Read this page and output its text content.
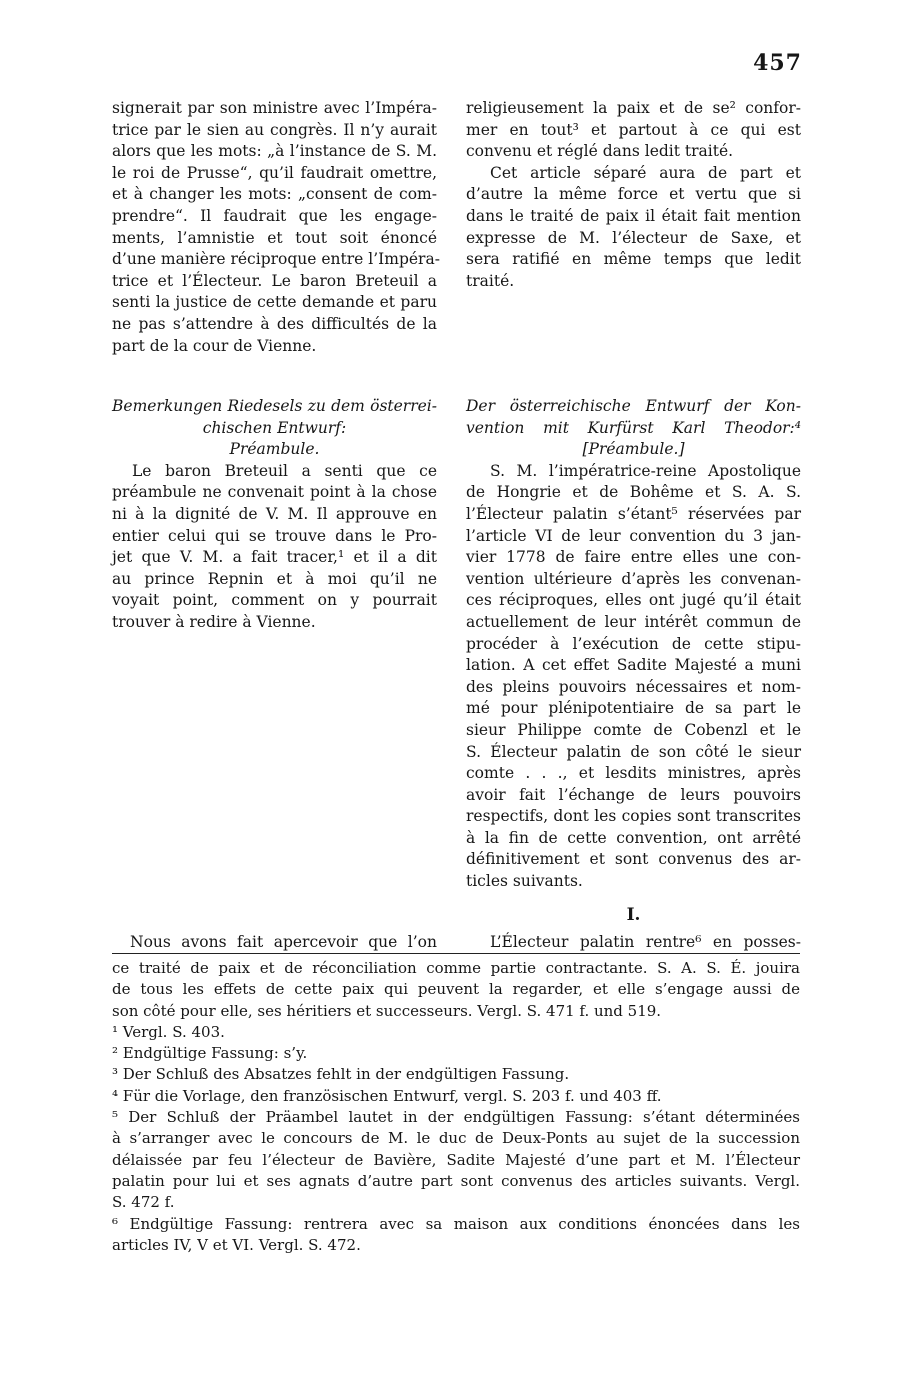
457
signerait par son ministre avec l’Impéra-
trice par le sien au congrès. Il n’y aurait
alors que les mots: „à l’instance de S. M.
le roi de Prusse“, qu’il faudrait omettre,
et à changer les mots: „consent de com-
prendre“. Il faudrait que les engage-
ments, l’amnistie et tout soit énoncé
d’une manière réciproque entre l’Impéra-
trice et l’Électeur. Le baron Breteuil a
senti la justice de cette demande et paru
ne pas s’attendre à des difficultés de la
part de la cour de Vienne.
religieusement la paix et de se² confor-
mer en tout³ et partout à ce qui est
convenu et réglé dans ledit traité.
Cet article séparé aura de part et
d’autre la même force et vertu que si
dans le traité de paix il était fait mention
expresse de M. l’électeur de Saxe, et
sera ratifié en même temps que ledit
traité.
Bemerkungen Riedesels zu dem österrei-
chischen Entwurf:
Préambule.
Le baron Breteuil a senti que ce
préambule ne convenait point à la chose
ni à la dignité de V. M. Il approuve en
entier celui qui se trouve dans le Pro-
jet que V. M. a fait tracer,¹ et il a dit
au prince Repnin et à moi qu’il ne
voyait point, comment on y pourrait
trouver à redire à Vienne.
Der österreichische Entwurf der Kon-
vention mit Kurfürst Karl Theodor:⁴
[Préambule.]
S. M. l’impératrice-reine Apostolique
de Hongrie et de Bohême et S. A. S.
l’Électeur palatin s’étant⁵ réservées par
l’article VI de leur convention du 3 jan-
vier 1778 de faire entre elles une con-
vention ultérieure d’après les convenan-
ces réciproques, elles ont jugé qu’il était
actuellement de leur intérêt commun de
procéder à l’exécution de cette stipu-
lation. A cet effet Sadite Majesté a muni
des pleins pouvoirs nécessaires et nom-
mé pour plénipotentiaire de sa part le
sieur Philippe comte de Cobenzl et le
S. Électeur palatin de son côté le sieur
comte . . ., et lesdits ministres, après
avoir fait l’échange de leurs pouvoirs
respectifs, dont les copies sont transcrites
à la fin de cette convention, ont arrêté
définitivement et sont convenus des ar-
ticles suivants.
I.
Nous avons fait apercevoir que l’on	L’Électeur palatin rentre⁶ en posses-
ce traité de paix et de réconciliation comme partie contractante. S. A. S. É. jouira
de tous les effets de cette paix qui peuvent la regarder, et elle s’engage aussi de
son côté pour elle, ses héritiers et successeurs. Vergl. S. 471 f. und 519.
¹ Vergl. S. 403.
² Endgültige Fassung: s’y.
³ Der Schluß des Absatzes fehlt in der endgültigen Fassung.
⁴ Für die Vorlage, den französischen Entwurf, vergl. S. 203 f. und 403 ff.
⁵ Der Schluß der Präambel lautet in der endgültigen Fassung: s’étant déterminées
à s’arranger avec le concours de M. le duc de Deux-Ponts au sujet de la succession
délaissée par feu l’électeur de Bavière, Sadite Majesté d’une part et M. l’Électeur
palatin pour lui et ses agnats d’autre part sont convenus des articles suivants. Vergl.
S. 472 f.
⁶ Endgültige Fassung: rentrera avec sa maison aux conditions énoncées dans les
articles IV, V et VI. Vergl. S. 472.
